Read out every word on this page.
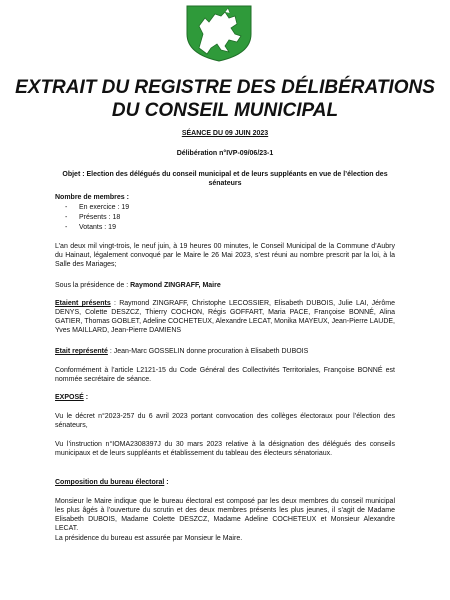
EXTRAIT DU REGISTRE DES DÉLIBÉRATIONS
DU CONSEIL MUNICIPAL
SÉANCE DU 09 JUIN 2023
Délibération n°IVP-09/06/23-1
Objet : Election des délégués du conseil municipal et de leurs suppléants en vue de l’élection des sénateurs
Nombre de membres :
- En exercice : 19
- Présents : 18
- Votants : 19
L’an deux mil vingt-trois, le neuf juin, à 19 heures 00 minutes, le Conseil Municipal de la Commune d’Aubry du Hainaut, légalement convoqué par le Maire le 26 Mai 2023, s’est réuni au nombre prescrit par la loi, à la Salle des Mariages;
Sous la présidence de : Raymond ZINGRAFF, Maire
Etaient présents : Raymond ZINGRAFF, Christophe LECOSSIER, Elisabeth DUBOIS, Julie LAI, Jérôme DENYS, Colette DESZCZ, Thierry COCHON, Régis GOFFART, Maria PACE, Françoise BONNÉ, Alina GATIER, Thomas GOBLET, Adeline COCHETEUX, Alexandre LECAT, Monika MAYEUX, Jean-Pierre LAUDE, Yves MAILLARD, Jean-Pierre DAMIENS
Etait représenté : Jean-Marc GOSSELIN donne procuration à Elisabeth DUBOIS
Conformément à l’article L2121-15 du Code Général des Collectivités Territoriales, Françoise BONNÉ est nommée secrétaire de séance.
EXPOSÉ :
Vu le décret n°2023-257 du 6 avril 2023 portant convocation des collèges électoraux pour l’élection des sénateurs,
Vu l’instruction n°IOMA2308397J du 30 mars 2023 relative à la désignation des délégués des conseils municipaux et de leurs suppléants et établissement du tableau des électeurs sénatoriaux.
Composition du bureau électoral :
Monsieur le Maire indique que le bureau électoral est composé par les deux membres du conseil municipal les plus âgés à l’ouverture du scrutin et des deux membres présents les plus jeunes, il s’agit de Madame Elisabeth DUBOIS, Madame Colette DESZCZ, Madame Adeline COCHETEUX et Monsieur Alexandre LECAT.
La présidence du bureau est assurée par Monsieur le Maire.
